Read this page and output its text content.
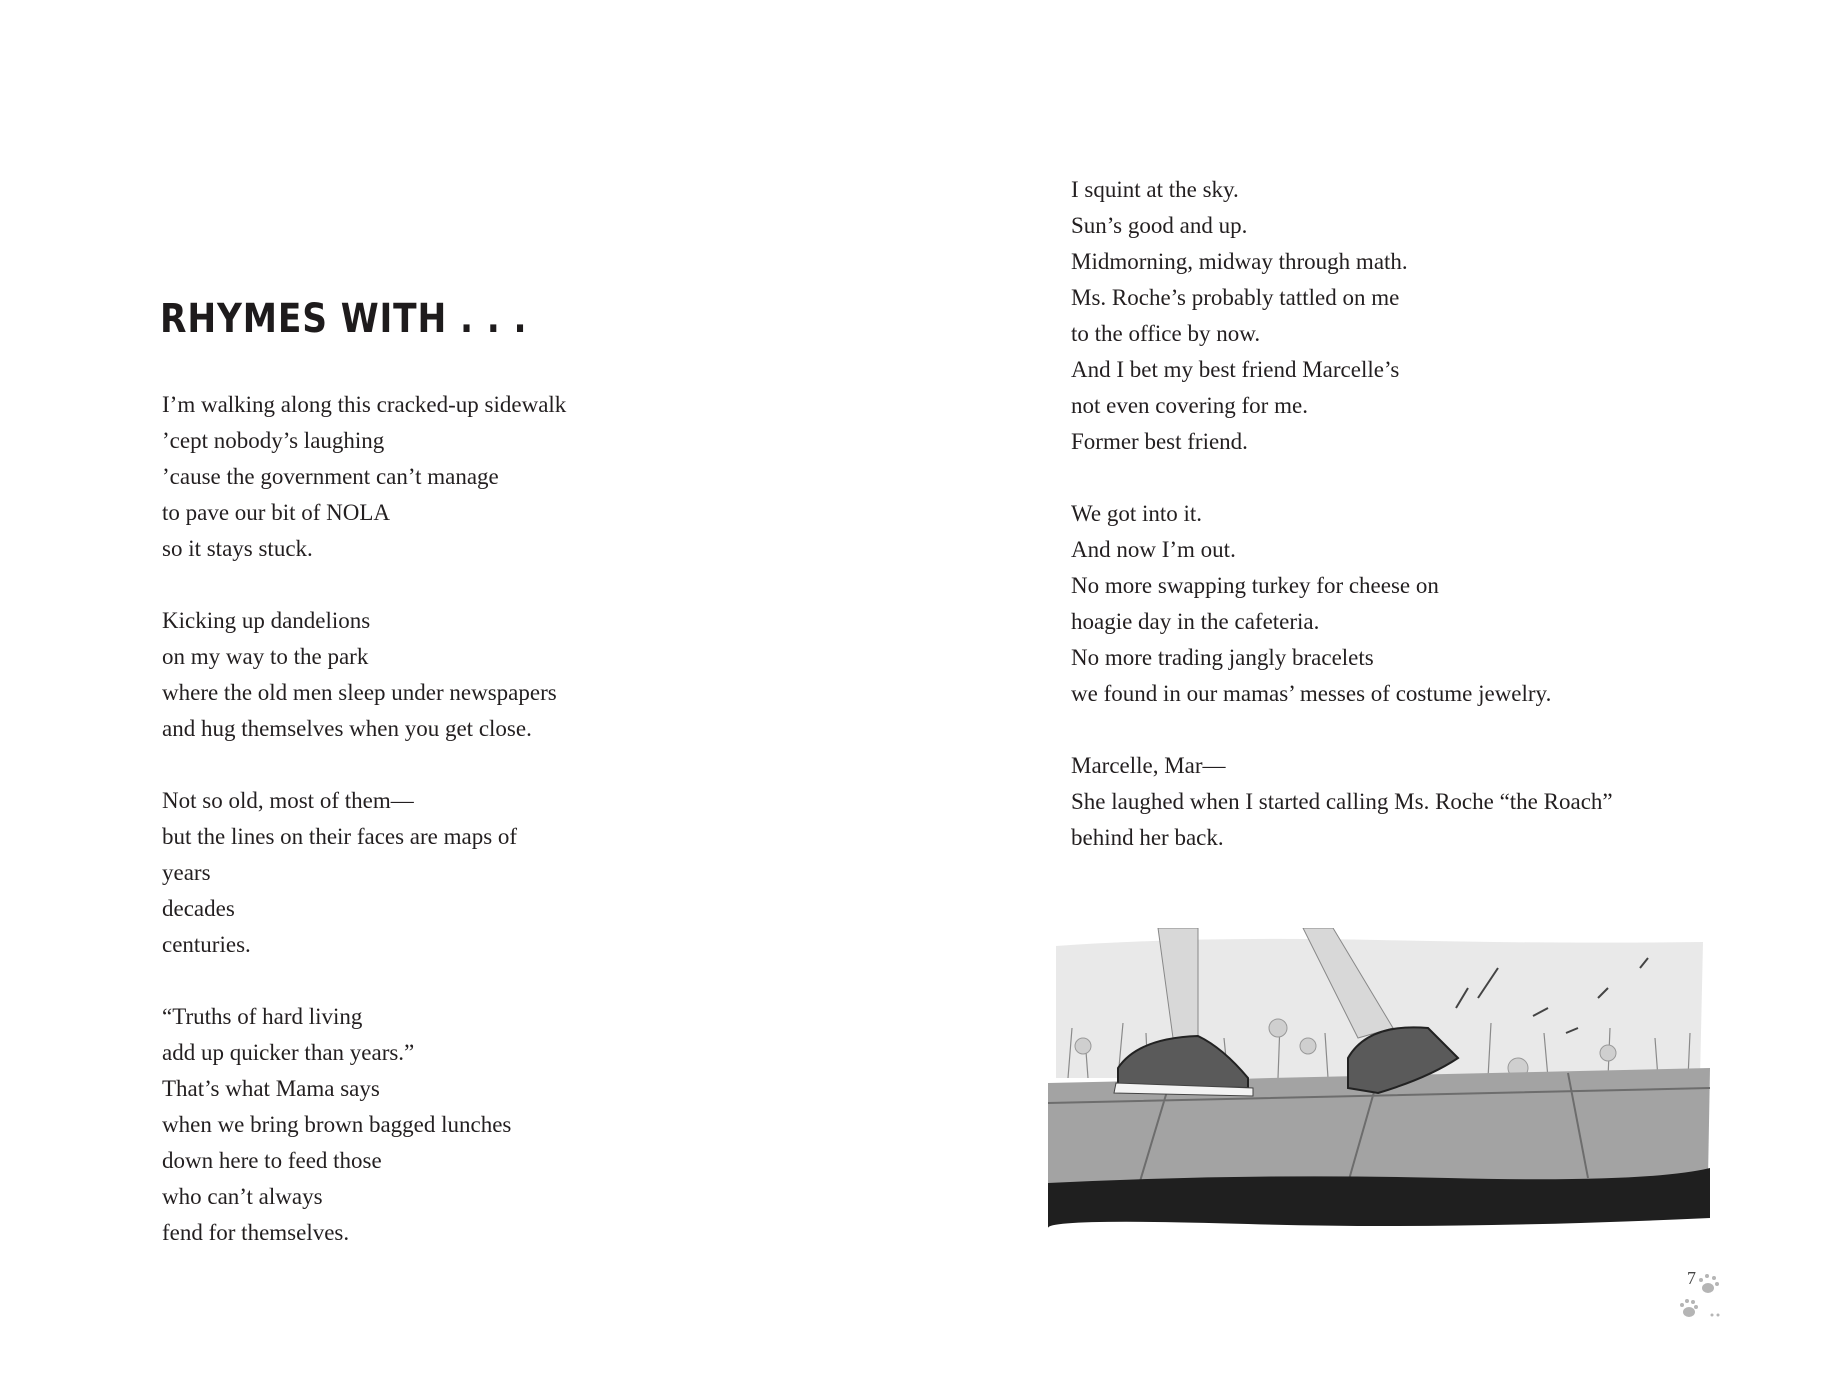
RHYMES WITH . . .
I’m walking along this cracked-up sidewalk
’cept nobody’s laughing
’cause the government can’t manage
to pave our bit of NOLA
so it stays stuck.
Kicking up dandelions
on my way to the park
where the old men sleep under newspapers
and hug themselves when you get close.
Not so old, most of them—
but the lines on their faces are maps of
years
decades
centuries.
“Truths of hard living
add up quicker than years.”
That’s what Mama says
when we bring brown bagged lunches
down here to feed those
who can’t always
fend for themselves.
I squint at the sky.
Sun’s good and up.
Midmorning, midway through math.
Ms. Roche’s probably tattled on me
to the office by now.
And I bet my best friend Marcelle’s
not even covering for me.
Former best friend.
We got into it.
And now I’m out.
No more swapping turkey for cheese on
hoagie day in the cafeteria.
No more trading jangly bracelets
we found in our mamas’ messes of costume jewelry.
Marcelle, Mar—
She laughed when I started calling Ms. Roche “the Roach”
behind her back.
7
